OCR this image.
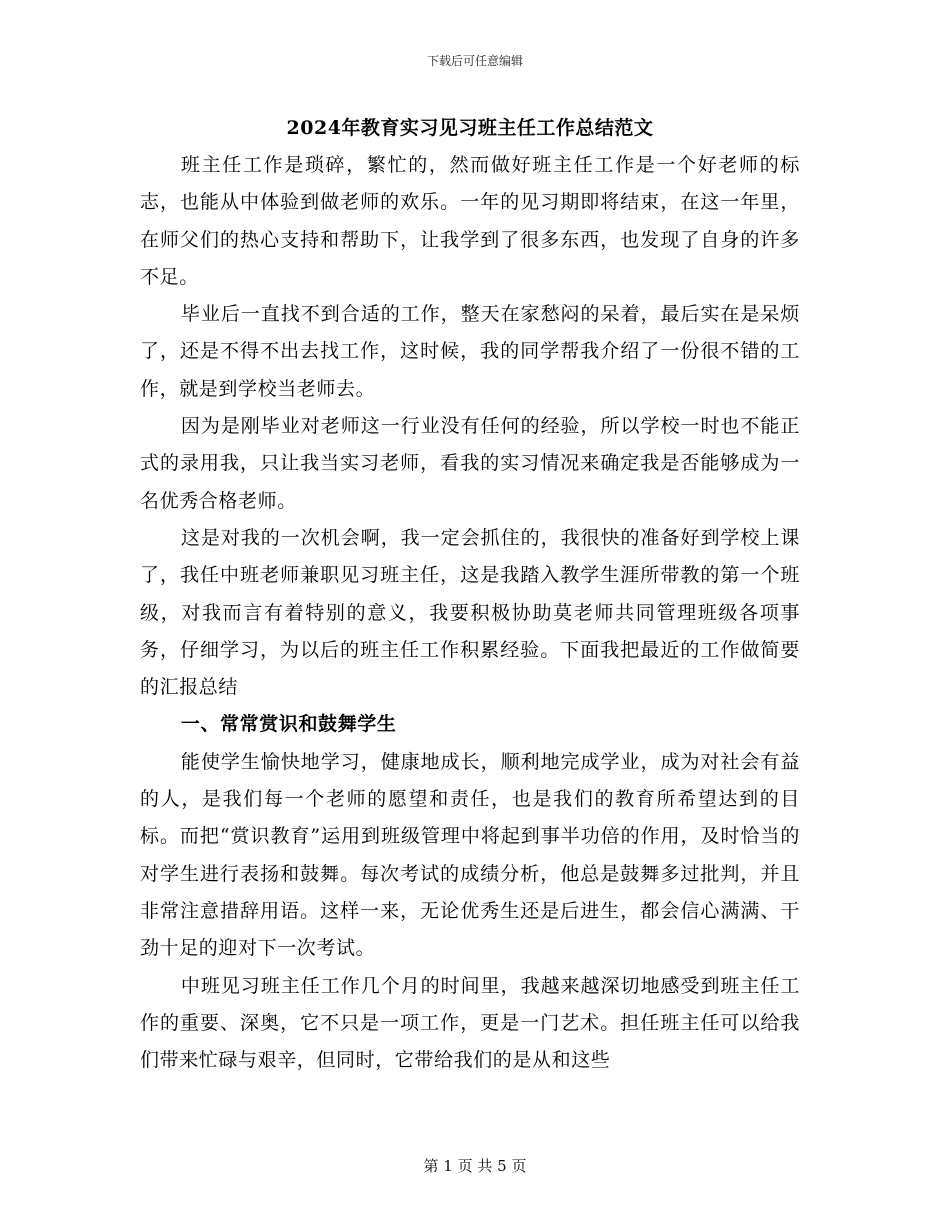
下载后可任意编辑
2024年教育实习见习班主任工作总结范文

班主任工作是琐碎，繁忙的，然而做好班主任工作是一个好老师的标志，也能从中体验到做老师的欢乐。一年的见习期即将结束，在这一年里，在师父们的热心支持和帮助下，让我学到了很多东西，也发现了自身的许多不足。

毕业后一直找不到合适的工作，整天在家愁闷的呆着，最后实在是呆烦了，还是不得不出去找工作，这时候，我的同学帮我介绍了一份很不错的工作，就是到学校当老师去。

因为是刚毕业对老师这一行业没有任何的经验，所以学校一时也不能正式的录用我，只让我当实习老师，看我的实习情况来确定我是否能够成为一名优秀合格老师。

这是对我的一次机会啊，我一定会抓住的，我很快的准备好到学校上课了，我任中班老师兼职见习班主任，这是我踏入教学生涯所带教的第一个班级，对我而言有着特别的意义，我要积极协助莫老师共同管理班级各项事务，仔细学习，为以后的班主任工作积累经验。下面我把最近的工作做简要的汇报总结

一、常常赏识和鼓舞学生

能使学生愉快地学习，健康地成长，顺利地完成学业，成为对社会有益的人，是我们每一个老师的愿望和责任，也是我们的教育所希望达到的目标。而把“赏识教育”运用到班级管理中将起到事半功倍的作用，及时恰当的对学生进行表扬和鼓舞。每次考试的成绩分析，他总是鼓舞多过批判，并且非常注意措辞用语。这样一来，无论优秀生还是后进生，都会信心满满、干劲十足的迎对下一次考试。

中班见习班主任工作几个月的时间里，我越来越深切地感受到班主任工作的重要、深奥，它不只是一项工作，更是一门艺术。担任班主任可以给我们带来忙碌与艰辛，但同时，它带给我们的是从和这些

第 1 页 共 5 页
